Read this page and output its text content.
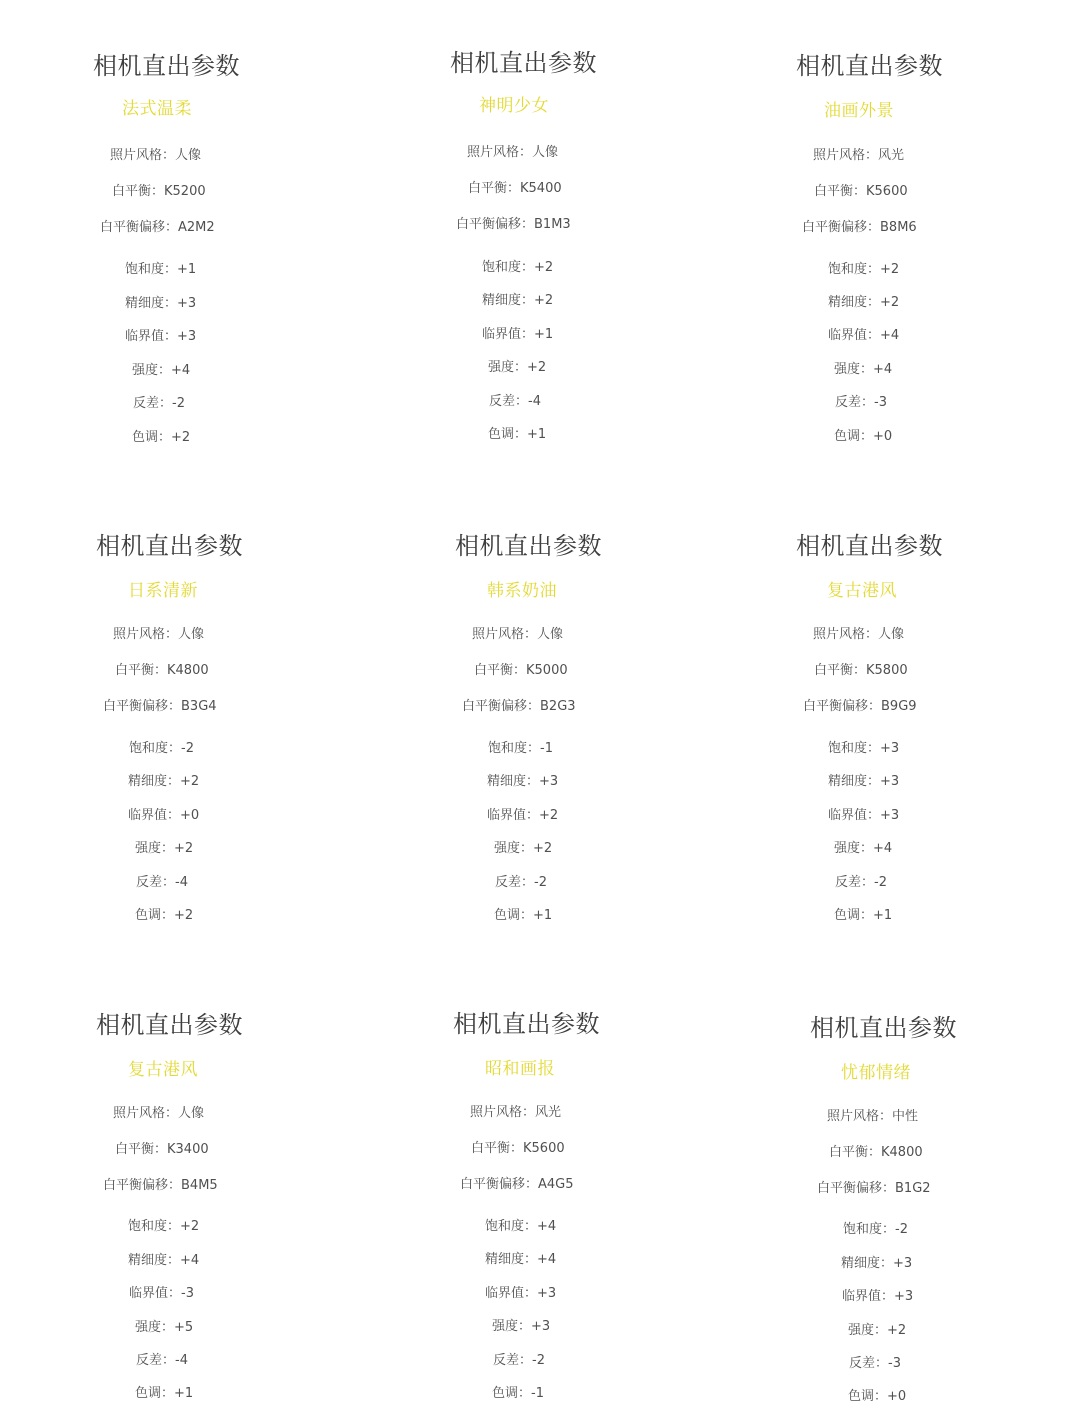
相机直出参数
法式温柔
照片风格：人像
白平衡：K5200
白平衡偏移：A2M2
饱和度：+1
精细度：+3
临界值：+3
强度：+4
反差：-2
色调：+2
相机直出参数
神明少女
照片风格：人像
白平衡：K5400
白平衡偏移：B1M3
饱和度：+2
精细度：+2
临界值：+1
强度：+2
反差：-4
色调：+1
相机直出参数
油画外景
照片风格：风光
白平衡：K5600
白平衡偏移：B8M6
饱和度：+2
精细度：+2
临界值：+4
强度：+4
反差：-3
色调：+0
相机直出参数
日系清新
照片风格：人像
白平衡：K4800
白平衡偏移：B3G4
饱和度：-2
精细度：+2
临界值：+0
强度：+2
反差：-4
色调：+2
相机直出参数
韩系奶油
照片风格：人像
白平衡：K5000
白平衡偏移：B2G3
饱和度：-1
精细度：+3
临界值：+2
强度：+2
反差：-2
色调：+1
相机直出参数
复古港风
照片风格：人像
白平衡：K5800
白平衡偏移：B9G9
饱和度：+3
精细度：+3
临界值：+3
强度：+4
反差：-2
色调：+1
相机直出参数
复古港风
照片风格：人像
白平衡：K3400
白平衡偏移：B4M5
饱和度：+2
精细度：+4
临界值：-3
强度：+5
反差：-4
色调：+1
相机直出参数
昭和画报
照片风格：风光
白平衡：K5600
白平衡偏移：A4G5
饱和度：+4
精细度：+4
临界值：+3
强度：+3
反差：-2
色调：-1
相机直出参数
忧郁情绪
照片风格：中性
白平衡：K4800
白平衡偏移：B1G2
饱和度：-2
精细度：+3
临界值：+3
强度：+2
反差：-3
色调：+0
